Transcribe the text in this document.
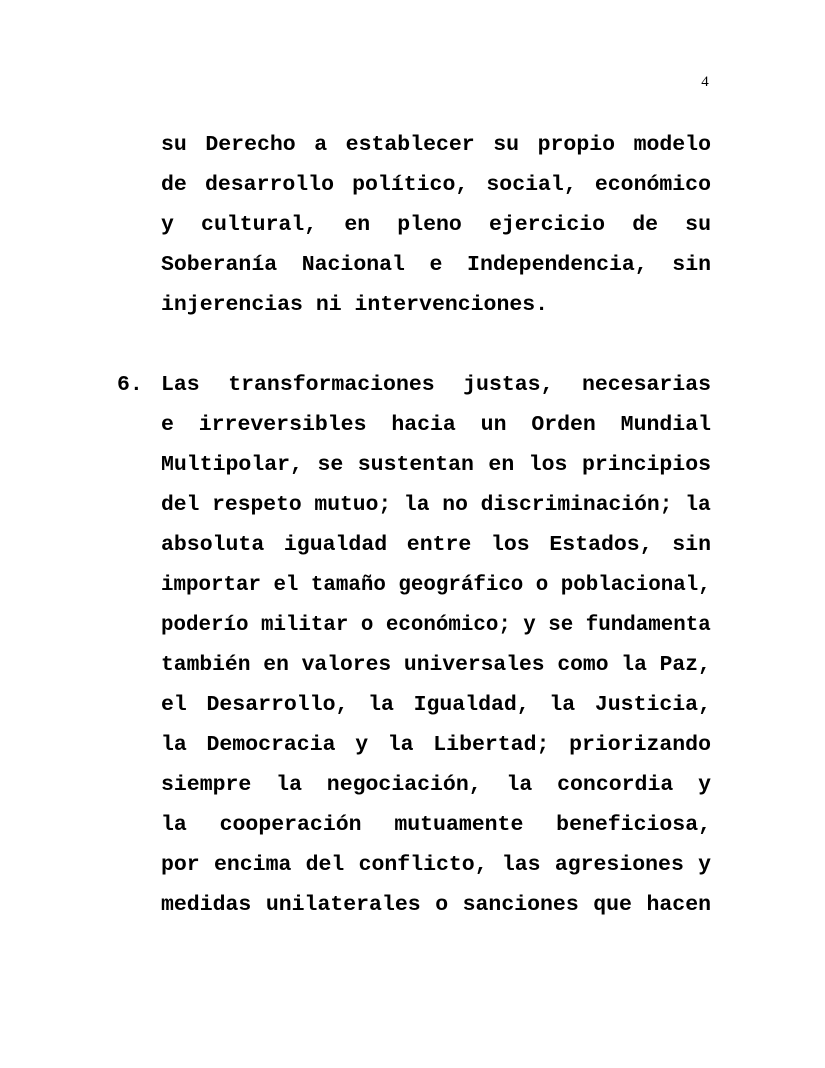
4
su Derecho a establecer su propio modelo
de desarrollo político, social, económico
y cultural, en pleno ejercicio de su
Soberanía Nacional e Independencia, sin
injerencias ni intervenciones.
6. Las transformaciones justas, necesarias
e irreversibles hacia un Orden Mundial
Multipolar, se sustentan en los principios
del respeto mutuo; la no discriminación; la
absoluta igualdad entre los Estados, sin
importar el tamaño geográfico o poblacional,
poderío militar o económico; y se fundamenta
también en valores universales como la Paz,
el Desarrollo, la Igualdad, la Justicia,
la Democracia y la Libertad; priorizando
siempre la negociación, la concordia y
la cooperación mutuamente beneficiosa,
por encima del conflicto, las agresiones y
medidas unilaterales o sanciones que hacen
